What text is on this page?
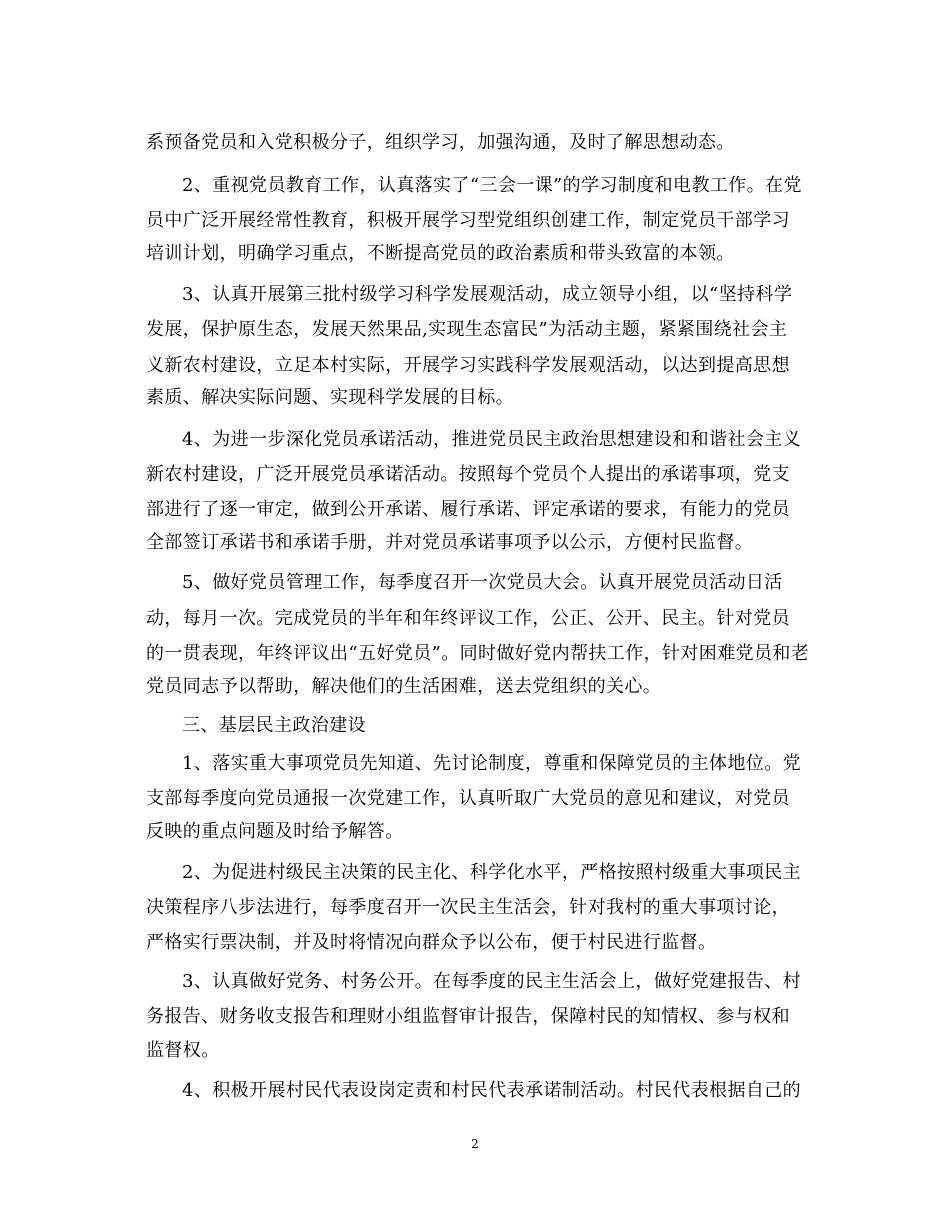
系预备党员和入党积极分子，组织学习，加强沟通，及时了解思想动态。
2、重视党员教育工作，认真落实了“三会一课”的学习制度和电教工作。在党
员中广泛开展经常性教育，积极开展学习型党组织创建工作，制定党员干部学习
培训计划，明确学习重点，不断提高党员的政治素质和带头致富的本领。
3、认真开展第三批村级学习科学发展观活动，成立领导小组，以“坚持科学
发展，保护原生态，发展天然果品,实现生态富民”为活动主题，紧紧围绕社会主
义新农村建设，立足本村实际，开展学习实践科学发展观活动，以达到提高思想
素质、解决实际问题、实现科学发展的目标。
4、为进一步深化党员承诺活动，推进党员民主政治思想建设和和谐社会主义
新农村建设，广泛开展党员承诺活动。按照每个党员个人提出的承诺事项，党支
部进行了逐一审定，做到公开承诺、履行承诺、评定承诺的要求，有能力的党员
全部签订承诺书和承诺手册，并对党员承诺事项予以公示，方便村民监督。
5、做好党员管理工作，每季度召开一次党员大会。认真开展党员活动日活
动，每月一次。完成党员的半年和年终评议工作，公正、公开、民主。针对党员
的一贯表现，年终评议出“五好党员”。同时做好党内帮扶工作，针对困难党员和老
党员同志予以帮助，解决他们的生活困难，送去党组织的关心。
三、基层民主政治建设
1、落实重大事项党员先知道、先讨论制度，尊重和保障党员的主体地位。党
支部每季度向党员通报一次党建工作，认真听取广大党员的意见和建议，对党员
反映的重点问题及时给予解答。
2、为促进村级民主决策的民主化、科学化水平，严格按照村级重大事项民主
决策程序八步法进行，每季度召开一次民主生活会，针对我村的重大事项讨论，
严格实行票决制，并及时将情况向群众予以公布，便于村民进行监督。
3、认真做好党务、村务公开。在每季度的民主生活会上，做好党建报告、村
务报告、财务收支报告和理财小组监督审计报告，保障村民的知情权、参与权和
监督权。
4、积极开展村民代表设岗定责和村民代表承诺制活动。村民代表根据自己的
2
